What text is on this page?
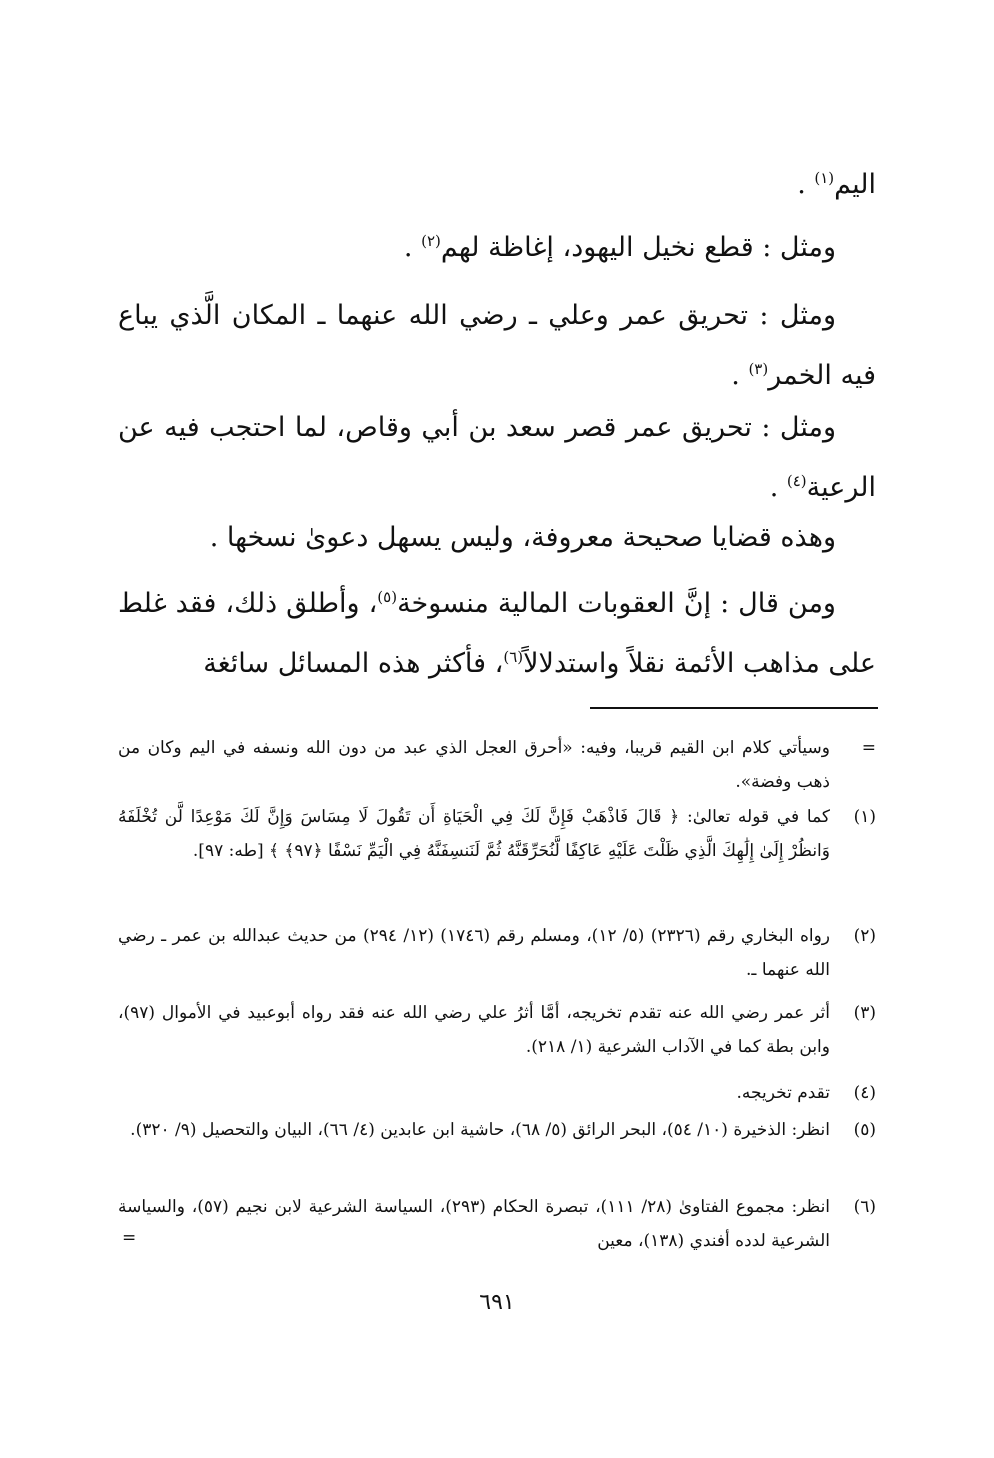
اليم$^{(١)}$ .

ومثل : قطع نخيل اليهود، إغاظة لهم$^{(٢)}$ .

ومثل : تحريق عمر وعلي ـ رضي الله عنهما ـ المكان الَّذي يباع فيه الخمر$^{(٣)}$ .

ومثل : تحريق عمر قصر سعد بن أبي وقاص، لما احتجب فيه عن الرعية$^{(٤)}$ .

وهذه قضايا صحيحة معروفة، وليس يسهل دعوىٰ نسخها .

ومن قال : إنَّ العقوبات المالية منسوخة$^{(٥)}$، وأطلق ذلك، فقد غلط على مذاهب الأئمة نقلاً واستدلالاً$^{(٦)}$، فأكثر هذه المسائل سائغة

=
وسيأتي كلام ابن القيم قريبا، وفيه: «أحرق العجل الذي عبد من دون الله ونسفه في اليم وكان من ذهب وفضة».
(١)
كما في قوله تعالىٰ: ﴿ قَالَ فَاذْهَبْ فَإِنَّ لَكَ فِي الْحَيَاةِ أَن تَقُولَ لَا مِسَاسَ وَإِنَّ لَكَ مَوْعِدًا لَّن تُخْلَفَهُ وَانظُرْ إِلَىٰ إِلَٰهِكَ الَّذِي ظَلْتَ عَلَيْهِ عَاكِفًا لَّنُحَرِّقَنَّهُ ثُمَّ لَنَنسِفَنَّهُ فِي الْيَمِّ نَسْفًا ﴿٩٧﴾ ﴾ [طه: ٩٧].
(٢)
رواه البخاري رقم (٢٣٢٦) (٥/ ١٢)، ومسلم رقم (١٧٤٦) (١٢/ ٢٩٤) من حديث عبدالله بن عمر ـ رضي الله عنهما ـ.
(٣)
أثر عمر رضي الله عنه تقدم تخريجه، أمَّا أثرُ علي رضي الله عنه فقد رواه أبوعبيد في الأموال (٩٧)، وابن بطة كما في الآداب الشرعية (١/ ٢١٨).
(٤)
تقدم تخريجه.
(٥)
انظر: الذخيرة (١٠/ ٥٤)، البحر الرائق (٥/ ٦٨)، حاشية ابن عابدين (٤/ ٦٦)، البيان والتحصيل (٩/ ٣٢٠).
(٦)
انظر: مجموع الفتاوىٰ (٢٨/ ١١١)، تبصرة الحكام (٢٩٣)، السياسة الشرعية لابن نجيم (٥٧)، والسياسة الشرعية لدده أفندي (١٣٨)، معين
=
٦٩١
